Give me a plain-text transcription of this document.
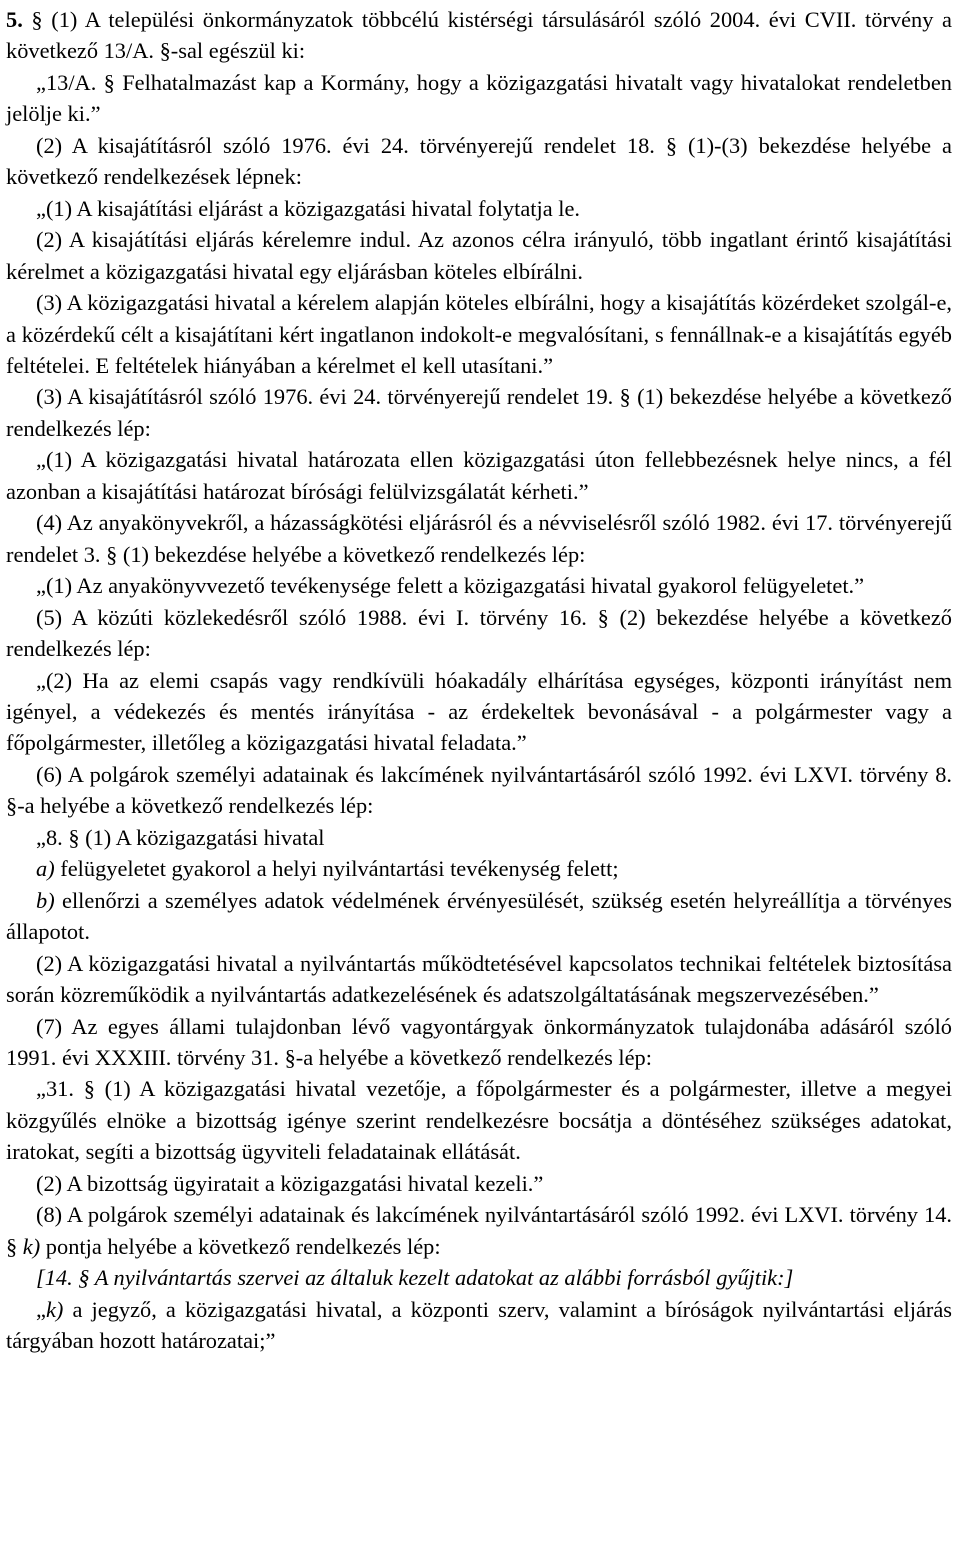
5. § (1) A települési önkormányzatok többcélú kistérségi társulásáról szóló 2004. évi CVII. törvény a következő 13/A. §-sal egészül ki:

„13/A. § Felhatalmazást kap a Kormány, hogy a közigazgatási hivatalt vagy hivatalokat rendeletben jelölje ki.”

(2) A kisajátításról szóló 1976. évi 24. törvényerejű rendelet 18. § (1)-(3) bekezdése helyébe a következő rendelkezések lépnek:

„(1) A kisajátítási eljárást a közigazgatási hivatal folytatja le.

(2) A kisajátítási eljárás kérelemre indul. Az azonos célra irányuló, több ingatlant érintő kisajátítási kérelmet a közigazgatási hivatal egy eljárásban köteles elbírálni.

(3) A közigazgatási hivatal a kérelem alapján köteles elbírálni, hogy a kisajátítás közérdeket szolgál-e, a közérdekű célt a kisajátítani kért ingatlanon indokolt-e megvalósítani, s fennállnak-e a kisajátítás egyéb feltételei. E feltételek hiányában a kérelmet el kell utasítani.”

(3) A kisajátításról szóló 1976. évi 24. törvényerejű rendelet 19. § (1) bekezdése helyébe a következő rendelkezés lép:

„(1) A közigazgatási hivatal határozata ellen közigazgatási úton fellebbezésnek helye nincs, a fél azonban a kisajátítási határozat bírósági felülvizsgálatát kérheti.”

(4) Az anyakönyvekről, a házasságkötési eljárásról és a névviselésről szóló 1982. évi 17. törvényerejű rendelet 3. § (1) bekezdése helyébe a következő rendelkezés lép:

„(1) Az anyakönyvvezető tevékenysége felett a közigazgatási hivatal gyakorol felügyeletet.”

(5) A közúti közlekedésről szóló 1988. évi I. törvény 16. § (2) bekezdése helyébe a következő rendelkezés lép:

„(2) Ha az elemi csapás vagy rendkívüli hóakadály elhárítása egységes, központi irányítást nem igényel, a védekezés és mentés irányítása - az érdekeltek bevonásával - a polgármester vagy a főpolgármester, illetőleg a közigazgatási hivatal feladata.”

(6) A polgárok személyi adatainak és lakcímének nyilvántartásáról szóló 1992. évi LXVI. törvény 8. §-a helyébe a következő rendelkezés lép:

„8. § (1) A közigazgatási hivatal

a) felügyeletet gyakorol a helyi nyilvántartási tevékenység felett;

b) ellenőrzi a személyes adatok védelmének érvényesülését, szükség esetén helyreállítja a törvényes állapotot.

(2) A közigazgatási hivatal a nyilvántartás működtetésével kapcsolatos technikai feltételek biztosítása során közreműködik a nyilvántartás adatkezelésének és adatszolgáltatásának megszervezésében.”

(7) Az egyes állami tulajdonban lévő vagyontárgyak önkormányzatok tulajdonába adásáról szóló 1991. évi XXXIII. törvény 31. §-a helyébe a következő rendelkezés lép:

„31. § (1) A közigazgatási hivatal vezetője, a főpolgármester és a polgármester, illetve a megyei közgyűlés elnöke a bizottság igénye szerint rendelkezésre bocsátja a döntéséhez szükséges adatokat, iratokat, segíti a bizottság ügyviteli feladatainak ellátását.

(2) A bizottság ügyiratait a közigazgatási hivatal kezeli.”

(8) A polgárok személyi adatainak és lakcímének nyilvántartásáról szóló 1992. évi LXVI. törvény 14. § k) pontja helyébe a következő rendelkezés lép:

[14. § A nyilvántartás szervei az általuk kezelt adatokat az alábbi forrásból gyűjtik:]

„k) a jegyző, a közigazgatási hivatal, a központi szerv, valamint a bíróságok nyilvántartási eljárás tárgyában hozott határozatai;”
